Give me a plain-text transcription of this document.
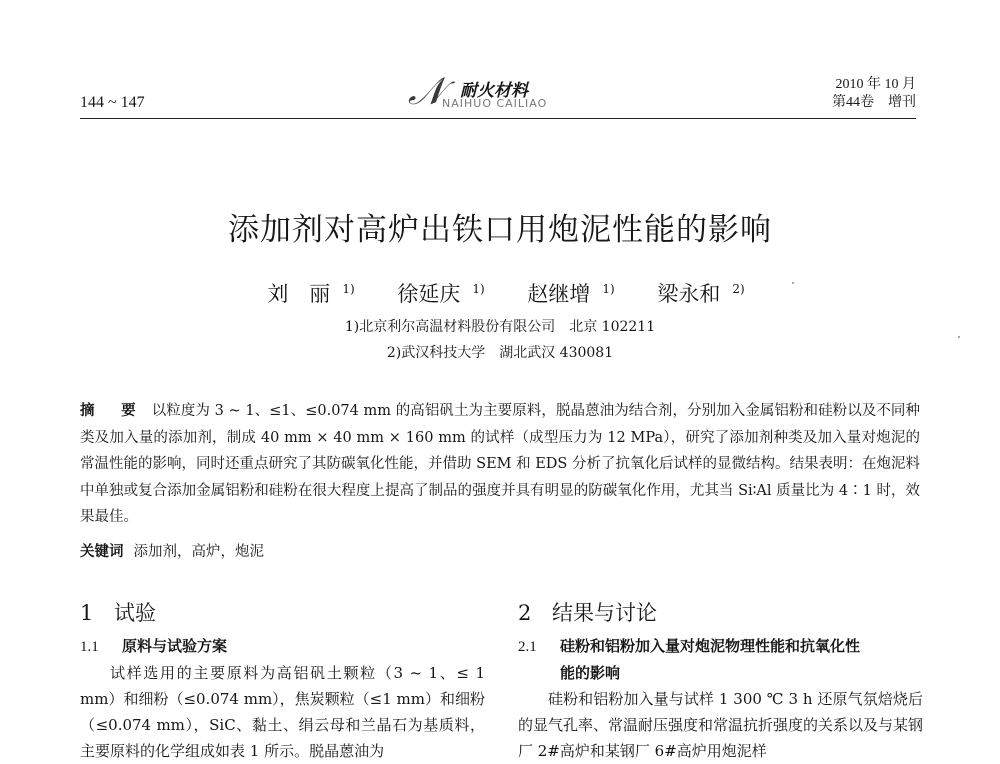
144 ~ 147	𝒩 耐火材料
NAIHUO CAILIAO
2010 年 10 月
第44卷　增刊
添加剂对高炉出铁口用炮泥性能的影响
刘　丽 $^{1)}$ 徐延庆 $^{1)}$ 赵继增 $^{1)}$ 梁永和 $^{2)}$
1)北京利尔高温材料股份有限公司　北京 102211
2)武汉科技大学　湖北武汉 430081

摘　要 以粒度为 3 ~ 1、≤1、≤0.074 mm 的高铝矾土为主要原料，脱晶蒽油为结合剂，分别加入金属铝粉和硅粉以及不同种类及加入量的添加剂，制成 40 mm × 40 mm × 160 mm 的试样（成型压力为 12 MPa），研究了添加剂种类及加入量对炮泥的常温性能的影响，同时还重点研究了其防碳氧化性能，并借助 SEM 和 EDS 分析了抗氧化后试样的显微结构。结果表明：在炮泥料中单独或复合添加金属铝粉和硅粉在很大程度上提高了制品的强度并具有明显的防碳氧化作用，尤其当 Si∶Al 质量比为 4∶1 时，效果最佳。

关键词 添加剂，高炉，炮泥
1 试验
1.1 原料与试验方案

试样选用的主要原料为高铝矾土颗粒（3 ~ 1、≤ 1 mm）和细粉（≤0.074 mm），焦炭颗粒（≤1 mm）和细粉（≤0.074 mm），SiC、黏土、绢云母和兰晶石为基质料，主要原料的化学组成如表 1 所示。脱晶蒽油为

2 结果与讨论
2.1 硅粉和铝粉加入量对炮泥物理性能和抗氧化性
能的影响

硅粉和铝粉加入量与试样 1 300 ℃ 3 h 还原气氛焙烧后的显气孔率、常温耐压强度和常温抗折强度的关系以及与某钢厂 2#高炉和某钢厂 6#高炉用炮泥样
